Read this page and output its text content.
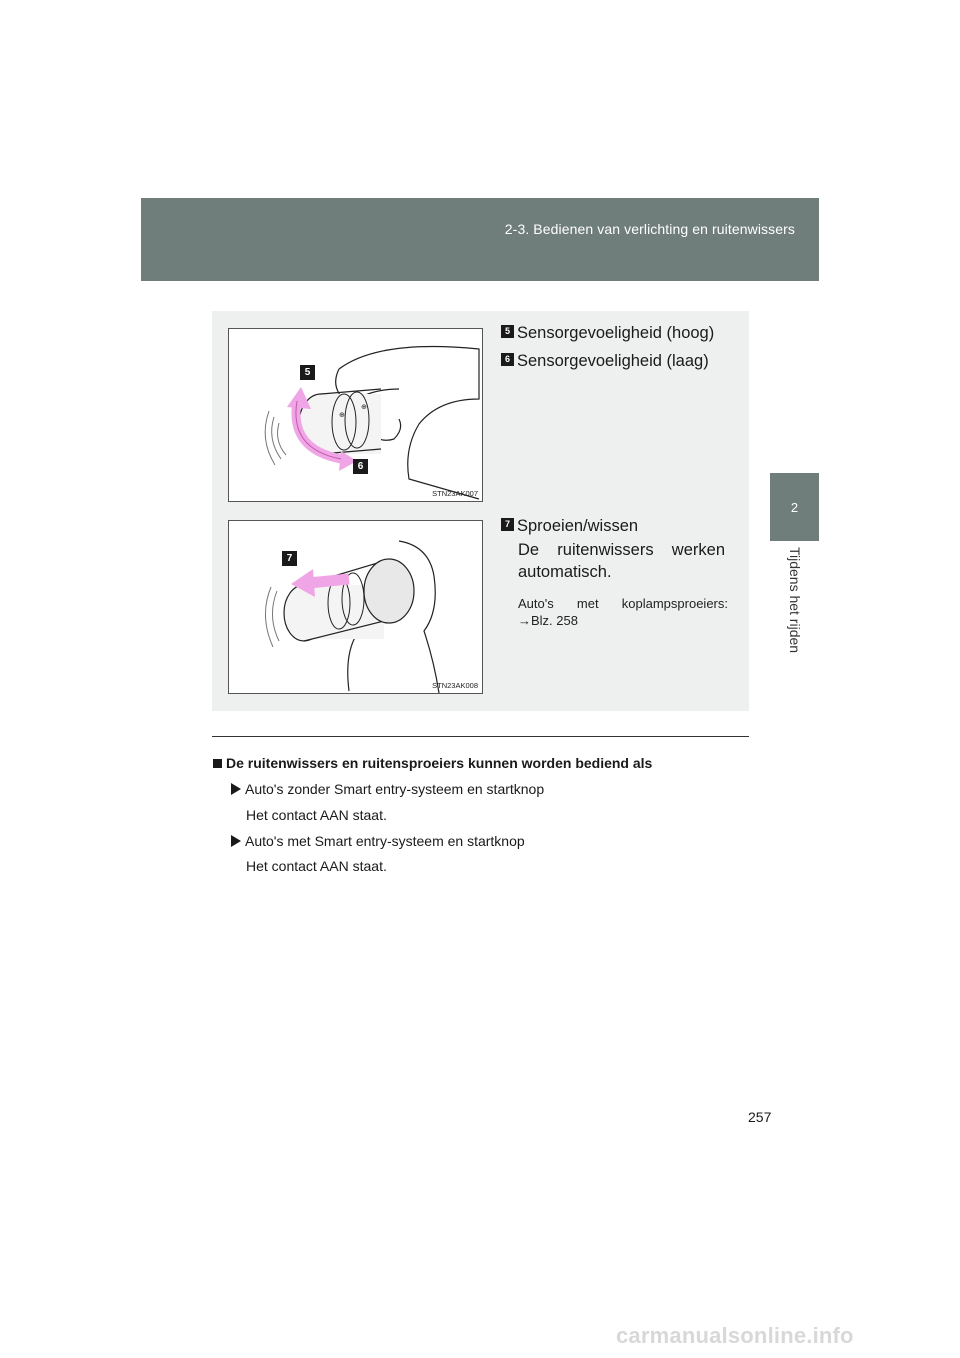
2-3. Bedienen van verlichting en ruitenwissers
2
Tijdens het rijden
⊕
⊕
5
6
STN23AK007
7
STN23AK008
5 Sensorgevoeligheid (hoog)
6 Sensorgevoeligheid (laag)
7 Sproeien/wissen
De ruitenwissers werken
automatisch.
Auto's met koplampsproeiers:
→Blz. 258
De ruitenwissers en ruitensproeiers kunnen worden bediend als
Auto's zonder Smart entry-systeem en startknop
Het contact AAN staat.
Auto's met Smart entry-systeem en startknop
Het contact AAN staat.
257
carmanualsonline.info
